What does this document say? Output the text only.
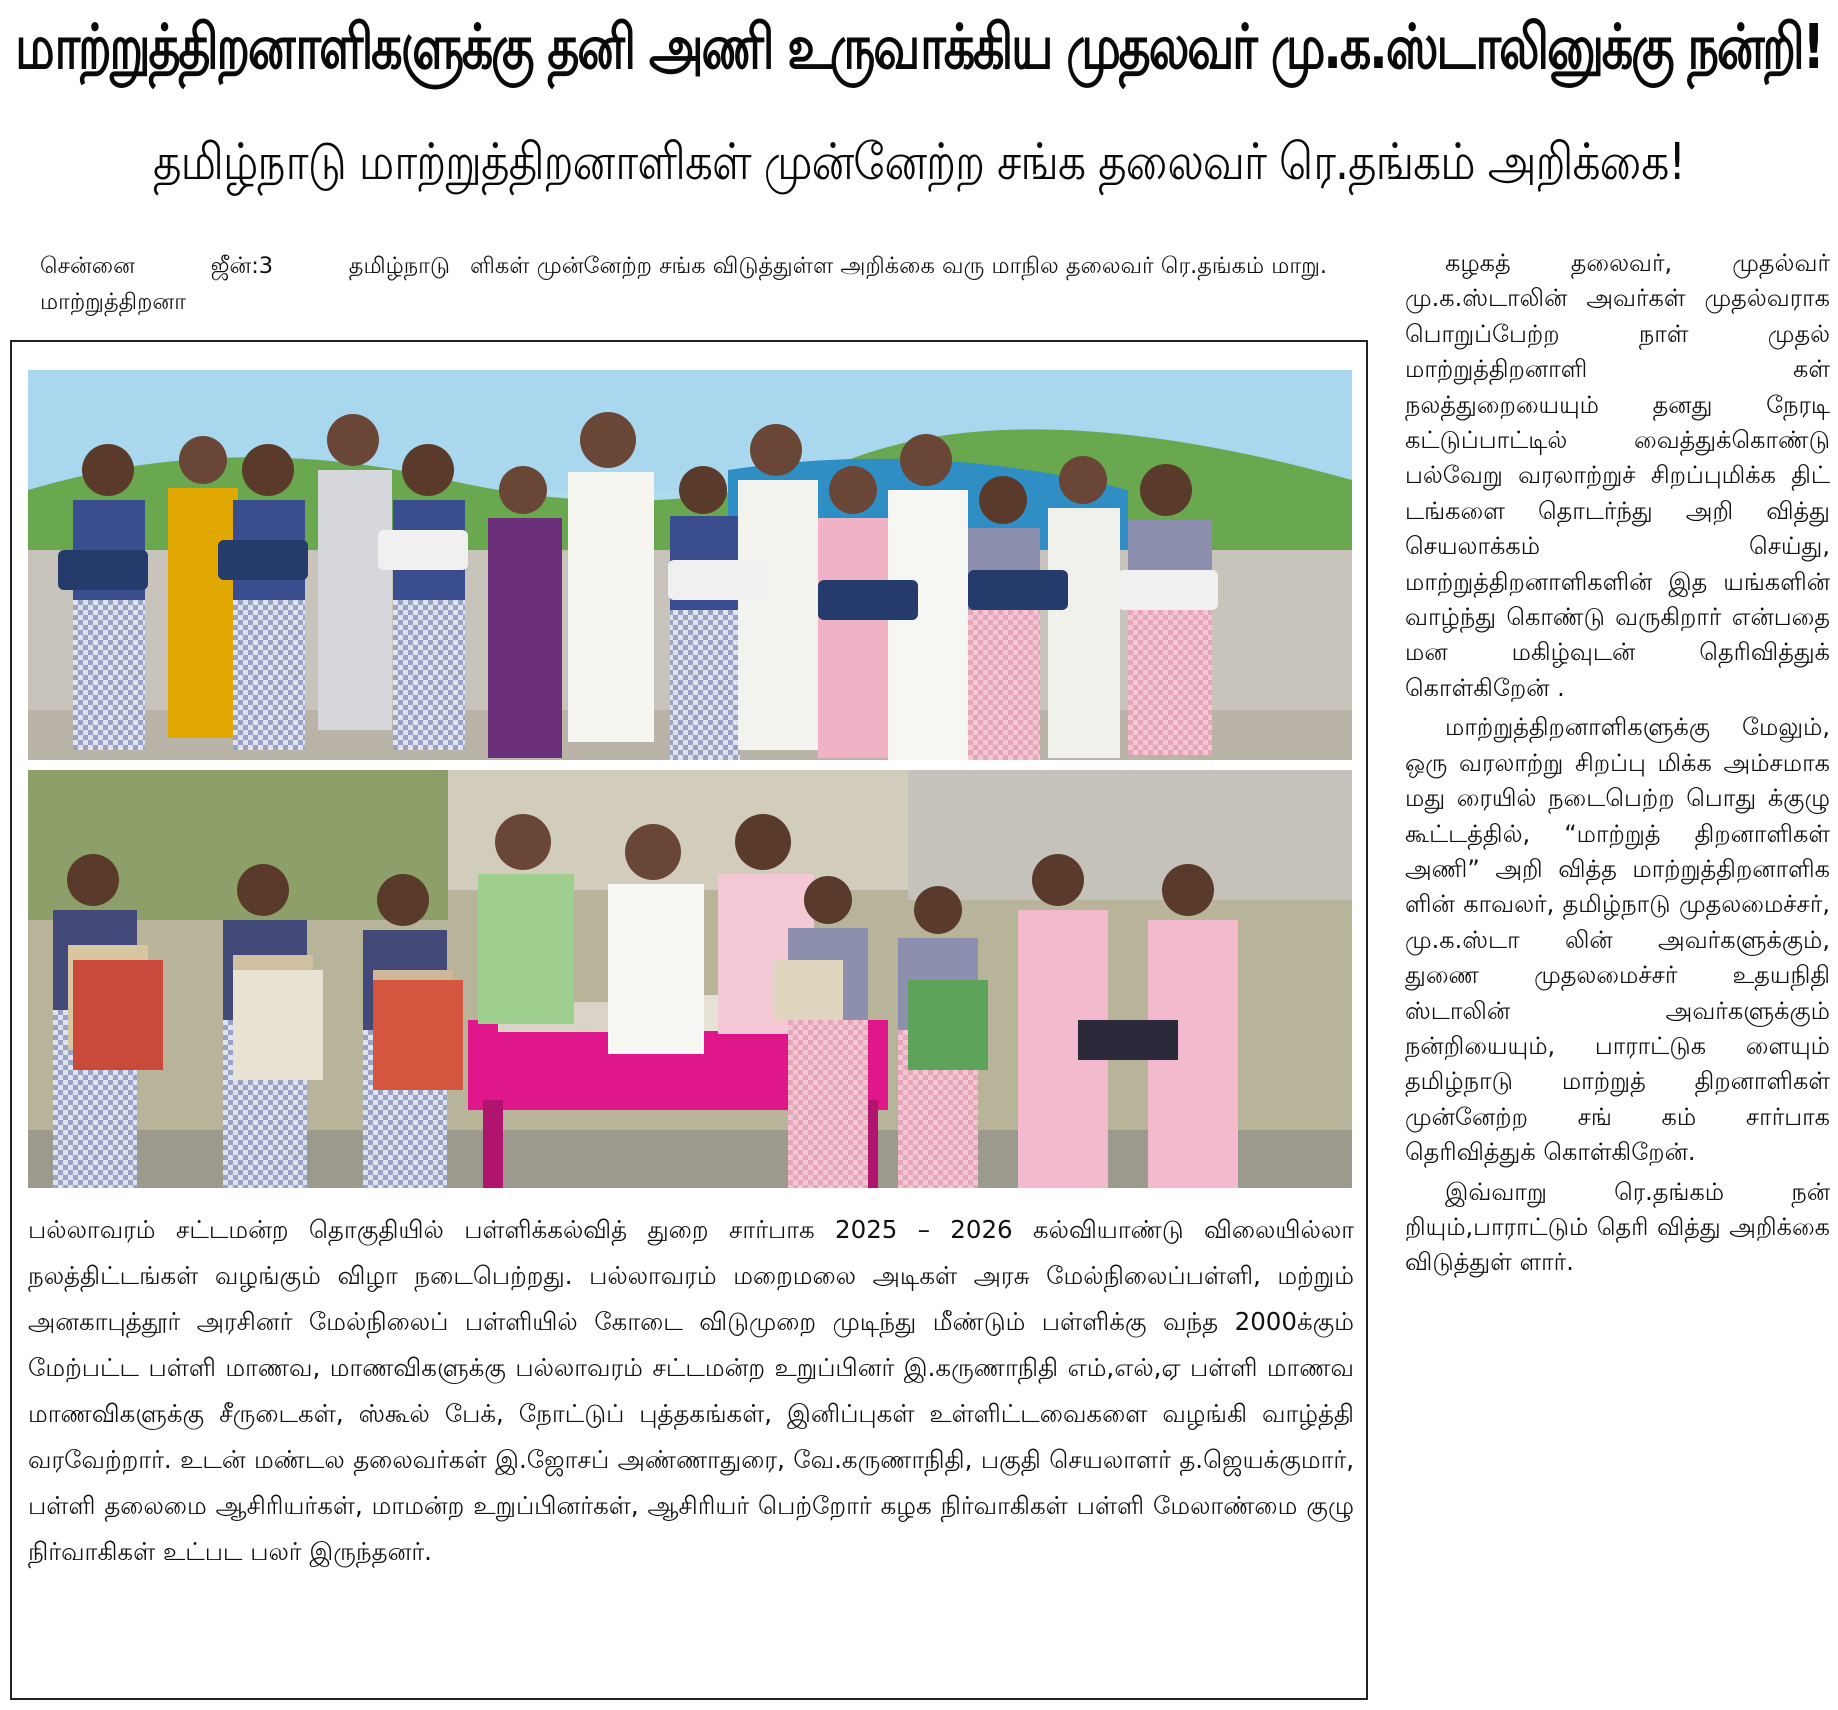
மாற்றுத்திறனாளிகளுக்கு தனி அணி உருவாக்கிய முதலவர் மு.க.ஸ்டாலினுக்கு நன்றி!
தமிழ்நாடு மாற்றுத்திறனாளிகள் முன்னேற்ற சங்க தலைவர் ரெ.தங்கம் அறிக்கை!
சென்னை ஜீன்:3 தமிழ்நாடு மாற்றுத்திறனா
ளிகள் முன்னேற்ற சங்க விடுத்துள்ள அறிக்கை வரு மாநில தலைவர் ரெ.தங்கம் மாறு.
பல்லாவரம் சட்டமன்ற தொகுதியில் பள்ளிக்கல்வித் துறை சார்பாக 2025 – 2026 கல்வியாண்டு விலையில்லா நலத்திட்டங்கள் வழங்கும் விழா நடைபெற்றது. பல்லாவரம் மறைமலை அடிகள் அரசு மேல்நிலைப்பள்ளி, மற்றும் அனகாபுத்தூர் அரசினர் மேல்நிலைப் பள்ளியில் கோடை விடுமுறை முடிந்து மீண்டும் பள்ளிக்கு வந்த 2000க்கும் மேற்பட்ட பள்ளி மாணவ, மாணவிகளுக்கு பல்லாவரம் சட்டமன்ற உறுப்பினர் இ.கருணாநிதி எம்,எல்,ஏ பள்ளி மாணவ மாணவிகளுக்கு சீருடைகள், ஸ்கூல் பேக், நோட்டுப் புத்தகங்கள், இனிப்புகள் உள்ளிட்டவைகளை வழங்கி வாழ்த்தி வரவேற்றார். உடன் மண்டல தலைவர்கள் இ.ஜோசப் அண்ணாதுரை, வே.கருணாநிதி, பகுதி செயலாளர் த.ஜெயக்குமார், பள்ளி தலைமை ஆசிரியர்கள், மாமன்ற உறுப்பினர்கள், ஆசிரியர் பெற்றோர் கழக நிர்வாகிகள் பள்ளி மேலாண்மை குழு நிர்வாகிகள் உட்பட பலர் இருந்தனர்.

கழகத் தலைவர், முதல்வர் மு.க.ஸ்டாலின் அவர்கள் முதல்வராக பொறுப்பேற்ற நாள் முதல் மாற்றுத்திறனாளி கள் நலத்துறையையும் தனது நேரடி கட்டுப்பாட்டில் வைத்துக்கொண்டு பல்வேறு வரலாற்றுச் சிறப்புமிக்க திட் டங்களை தொடர்ந்து அறி வித்து செயலாக்கம் செய்து, மாற்றுத்திறனாளிகளின் இத யங்களின் வாழ்ந்து கொண்டு வருகிறார் என்பதை மன மகிழ்வுடன் தெரிவித்துக் கொள்கிறேன் .

மாற்றுத்திறனாளிகளுக்கு மேலும், ஒரு வரலாற்று சிறப்பு மிக்க அம்சமாக மது ரையில் நடைபெற்ற பொது க்குழு கூட்டத்தில், “மாற்றுத் திறனாளிகள் அணி” அறி வித்த மாற்றுத்திறனாளிக ளின் காவலர், தமிழ்நாடு முதலமைச்சர், மு.க.ஸ்டா லின் அவர்களுக்கும், துணை முதலமைச்சர் உதயநிதி ஸ்டாலின் அவர்களுக்கும் நன்றியையும், பாராட்டுக ளையும் தமிழ்நாடு மாற்றுத் திறனாளிகள் முன்னேற்ற சங் கம் சார்பாக தெரிவித்துக் கொள்கிறேன்.

இவ்வாறு ரெ.தங்கம் நன் றியும்,பாராட்டும் தெரி வித்து அறிக்கை விடுத்துள் ளார்.
